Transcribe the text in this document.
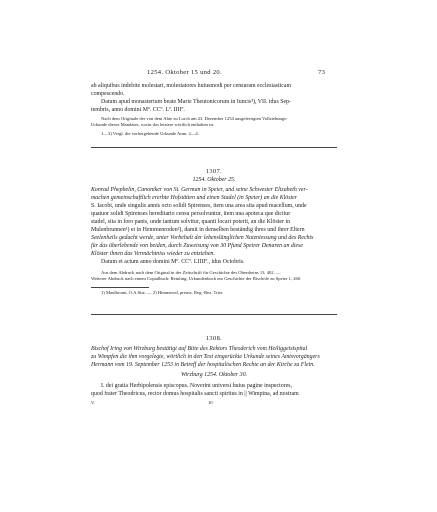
1254. Oktober 15 und 20.	73
ab aliquibus indebite molestari, molestatores huiusmodi per censuram ecclesiasticam
compescendo.
Datum apud monasterium beate Marie Theutonicorum in Iuncis³), VII. idus Sep-
tembris, anno domini Mº. CCº. Lº. IIIIº.
Nach dem Originale der von dem Abte zu Lorch am 23. Dezember 1254 ausgefertigten Vollziehungs-
Urkunde dieses Mandates, worin das letztere wörtlich enthalten ist.
1—3) Vergl. die vorhergehende Urkunde Anm. 2—4.
1307.
1254. Oktober 25.
Konrad Phephelin, Canoniker von St. German in Speier, und seine Schwester Elizabeth ver-
machen gemeinschaftlich ererbte Hofstätten und einen Stadel (in Speier) an die Klöster
S. Iacobi, unde singulis annis octo solidi Spirenses, item una area sita apud macellum, unde
quatuor solidi Spirenses hereditario censu persolvuntur, item una apoteca que dicitur
stadel, sita in foro panis, unde tantum solvitur, quanti locari poterit, an die Klöster in
Mulenbrunnen¹) et in Hemmenroden²), damit in denselben beständig ihres und ihrer Eltern
Seelenheils gedacht werde, unter Vorbehalt der lebenslänglichen Nutzniessung und des Rechts
für das überlebende von beiden, durch Zuweisung von 30 Pfund Speirer Denaren an diese
Klöster ihnen das Vermächtniss wieder zu entziehen.
Datum et actum anno domini Mº. CCº. LIIIIº., idus Octobris.
Aus dem Abdruck nach dem Original in der Zeitschrift für Geschichte des Oberrheins 13, 402. —
Weiterer Abdruck nach einem Copialbuch: Remling, Urkundenbuch zur Geschichte der Bischöfe zu Speier 1, 260.
1) Maulbronn, O.A.Sitz. — 2) Himmerod, preuss. Reg.-Bez. Trier.
1308.
Bischof Iring von Wirzburg bestätigt auf Bitte des Rektors Theoderich vom Heiliggeistspital
zu Wimpfen die ihm vorgelegte, wörtlich in den Text eingerückte Urkunde seines Amtsvorgängers
Hermann vom 19. September 1253 in Betreff der hospitalischen Rechte an der Kirche zu Flein.
Wirzburg 1254. Oktober 30.
I. dei gratia Herbipolensis episcopus. Noverint universi huius pagine inspectores,
quod frater Theodricus, rector domus hospitalis sancti spiritus in || Wimpina, ad nostram
V.	10
